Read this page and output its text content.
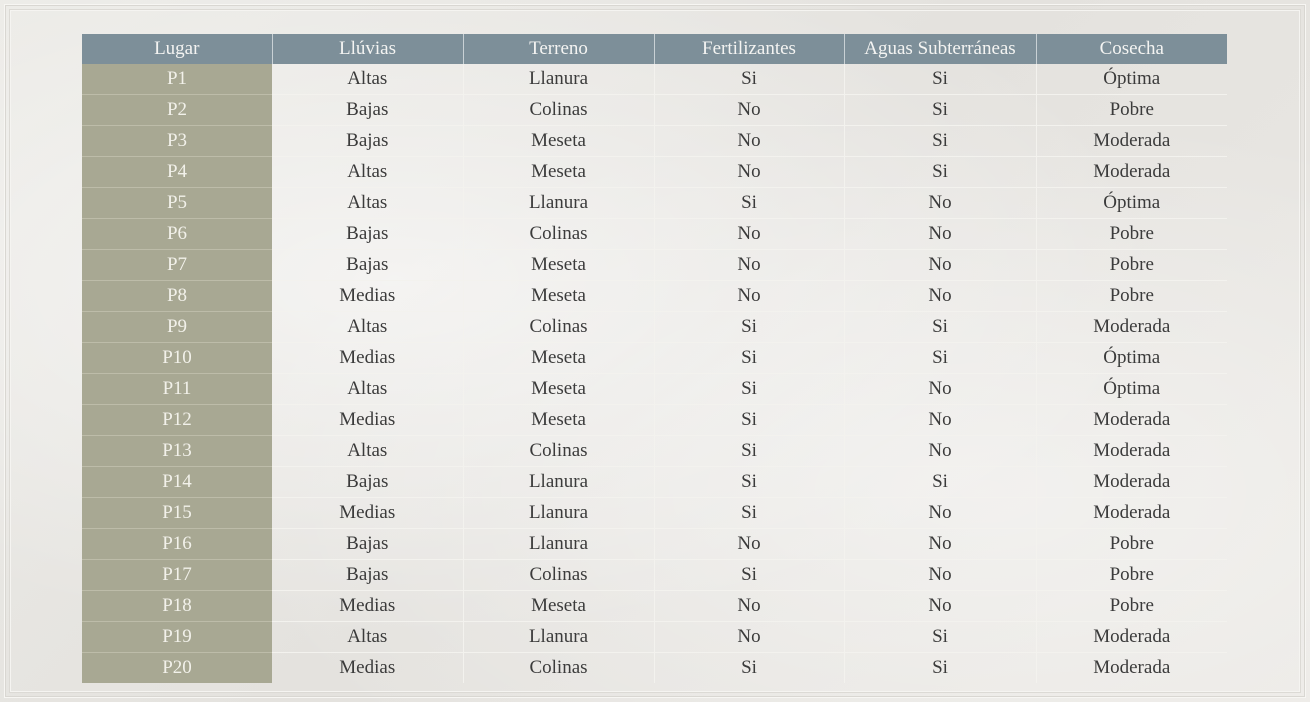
Lugar	Llúvias	Terreno	Fertilizantes	Aguas Subterráneas	Cosecha
P1	Altas	Llanura	Si	Si	Óptima
P2	Bajas	Colinas	No	Si	Pobre
P3	Bajas	Meseta	No	Si	Moderada
P4	Altas	Meseta	No	Si	Moderada
P5	Altas	Llanura	Si	No	Óptima
P6	Bajas	Colinas	No	No	Pobre
P7	Bajas	Meseta	No	No	Pobre
P8	Medias	Meseta	No	No	Pobre
P9	Altas	Colinas	Si	Si	Moderada
P10	Medias	Meseta	Si	Si	Óptima
P11	Altas	Meseta	Si	No	Óptima
P12	Medias	Meseta	Si	No	Moderada
P13	Altas	Colinas	Si	No	Moderada
P14	Bajas	Llanura	Si	Si	Moderada
P15	Medias	Llanura	Si	No	Moderada
P16	Bajas	Llanura	No	No	Pobre
P17	Bajas	Colinas	Si	No	Pobre
P18	Medias	Meseta	No	No	Pobre
P19	Altas	Llanura	No	Si	Moderada
P20	Medias	Colinas	Si	Si	Moderada
